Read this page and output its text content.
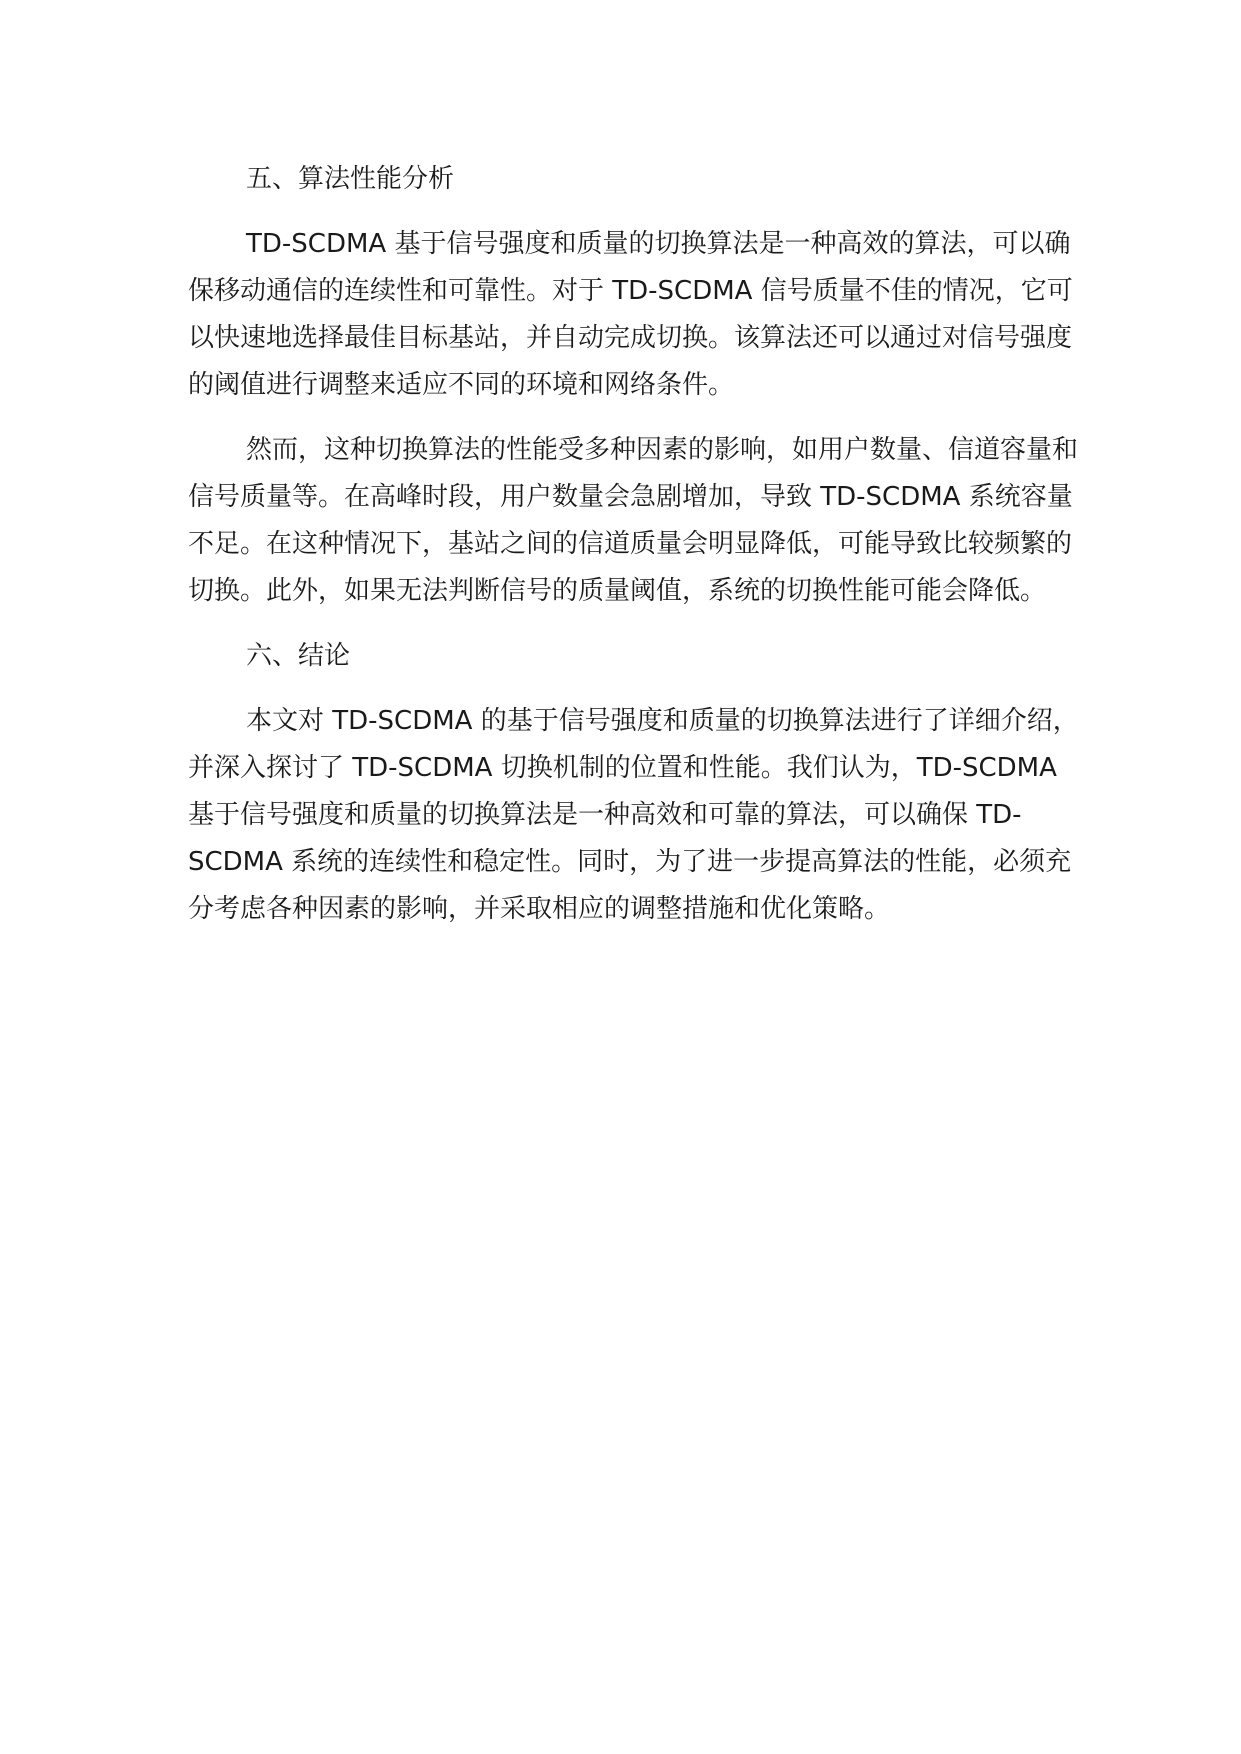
五、算法性能分析

TD-SCDMA 基于信号强度和质量的切换算法是一种高效的算法，可以确保移动通信的连续性和可靠性。对于 TD-SCDMA 信号质量不佳的情况，它可以快速地选择最佳目标基站，并自动完成切换。该算法还可以通过对信号强度的阈值进行调整来适应不同的环境和网络条件。

然而，这种切换算法的性能受多种因素的影响，如用户数量、信道容量和信号质量等。在高峰时段，用户数量会急剧增加，导致 TD-SCDMA 系统容量不足。在这种情况下，基站之间的信道质量会明显降低，可能导致比较频繁的切换。此外，如果无法判断信号的质量阈值，系统的切换性能可能会降低。

六、结论

本文对 TD-SCDMA 的基于信号强度和质量的切换算法进行了详细介绍，并深入探讨了 TD-SCDMA 切换机制的位置和性能。我们认为，TD-SCDMA 基于信号强度和质量的切换算法是一种高效和可靠的算法，可以确保 TD-SCDMA 系统的连续性和稳定性。同时，为了进一步提高算法的性能，必须充分考虑各种因素的影响，并采取相应的调整措施和优化策略。
